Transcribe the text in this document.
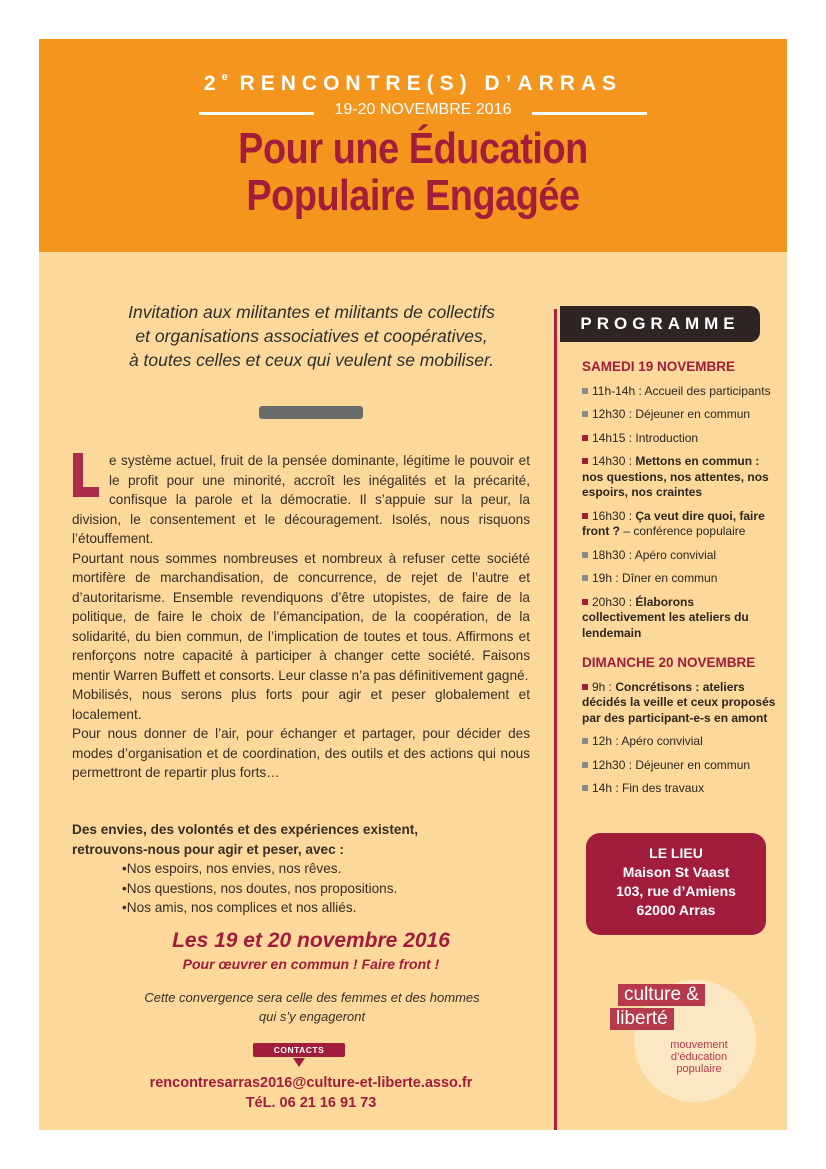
2e RENCONTRE(S) D’ARRAS
19-20 NOVEMBRE 2016
Pour une Éducation
Populaire Engagée
Invitation aux militantes et militants de collectifs
et organisations associatives et coopératives,
à toutes celles et ceux qui veulent se mobiliser.

e système actuel, fruit de la pensée dominante, légitime le pouvoir et le profit pour une minorité, accroît les inégalités et la précarité, confisque la parole et la démocratie. Il s’appuie sur la peur, la division, le consentement et le découragement. Isolés, nous risquons l’étouffement.

Pourtant nous sommes nombreuses et nombreux à refuser cette société mortifère de marchandisation, de concurrence, de rejet de l’autre et d’autoritarisme. Ensemble revendiquons d’être utopistes, de faire de la politique, de faire le choix de l’émancipation, de la coopération, de la solidarité, du bien commun, de l’implication de toutes et tous. Affirmons et renforçons notre capacité à participer à changer cette société. Faisons mentir Warren Buffett et consorts. Leur classe n’a pas définitivement gagné.

Mobilisés, nous serons plus forts pour agir et peser globalement et localement.

Pour nous donner de l’air, pour échanger et partager, pour décider des modes d’organisation et de coordination, des outils et des actions qui nous permettront de repartir plus forts…

Des envies, des volontés et des expériences existent,

retrouvons-nous pour agir et peser, avec :

• Nos espoirs, nos envies, nos rêves.
• Nos questions, nos doutes, nos propositions.
• Nos amis, nos complices et nos alliés.
Les 19 et 20 novembre 2016
Pour œuvrer en commun ! Faire front !
Cette convergence sera celle des femmes et des hommes
qui s’y engageront
CONTACTS
rencontresarras2016@culture-et-liberte.asso.fr
TéL. 06 21 16 91 73
PROGRAMME
SAMEDI 19 NOVEMBRE
11h-14h : Accueil des participants
12h30 : Déjeuner en commun
14h15 : Introduction
14h30 : Mettons en commun : nos questions, nos attentes, nos espoirs, nos craintes
16h30 : Ça veut dire quoi, faire front ? – conférence populaire
18h30 : Apéro convivial
19h : Dîner en commun
20h30 : Élaborons collectivement les ateliers du lendemain
DIMANCHE 20 NOVEMBRE
9h : Concrétisons : ateliers décidés la veille et ceux proposés par des participant-e-s en amont
12h : Apéro convivial
12h30 : Déjeuner en commun
14h : Fin des travaux
LE LIEU
Maison St Vaast
103, rue d’Amiens
62000 Arras
culture &
liberté
mouvement
d’éducation
populaire
